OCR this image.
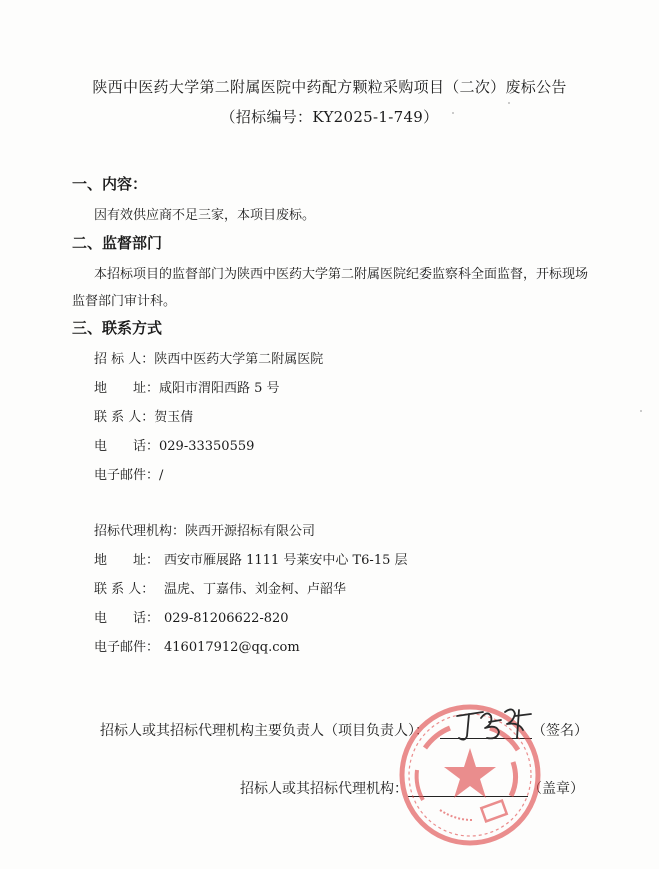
陕西中医药大学第二附属医院中药配方颗粒采购项目（二次）废标公告
（招标编号：KY2025-1-749）
一、内容：
因有效供应商不足三家，本项目废标。
二、监督部门
本招标项目的监督部门为陕西中医药大学第二附属医院纪委监察科全面监督，开标现场
监督部门审计科。
三、联系方式
招 标 人：陕西中医药大学第二附属医院
地　　址：咸阳市渭阳西路 5 号
联 系 人：贺玉倩
电　　话：029-33350559
电子邮件：/
招标代理机构：陕西开源招标有限公司
地　　址： 西安市雁展路 1111 号莱安中心 T6-15 层
联 系 人： 温虎、丁嘉伟、刘金柯、卢韶华
电　　话： 029-81206622-820
电子邮件： 416017912@qq.com
招标人或其招标代理机构主要负责人（项目负责人）：	（签名）
招标人或其招标代理机构：	（盖章）
